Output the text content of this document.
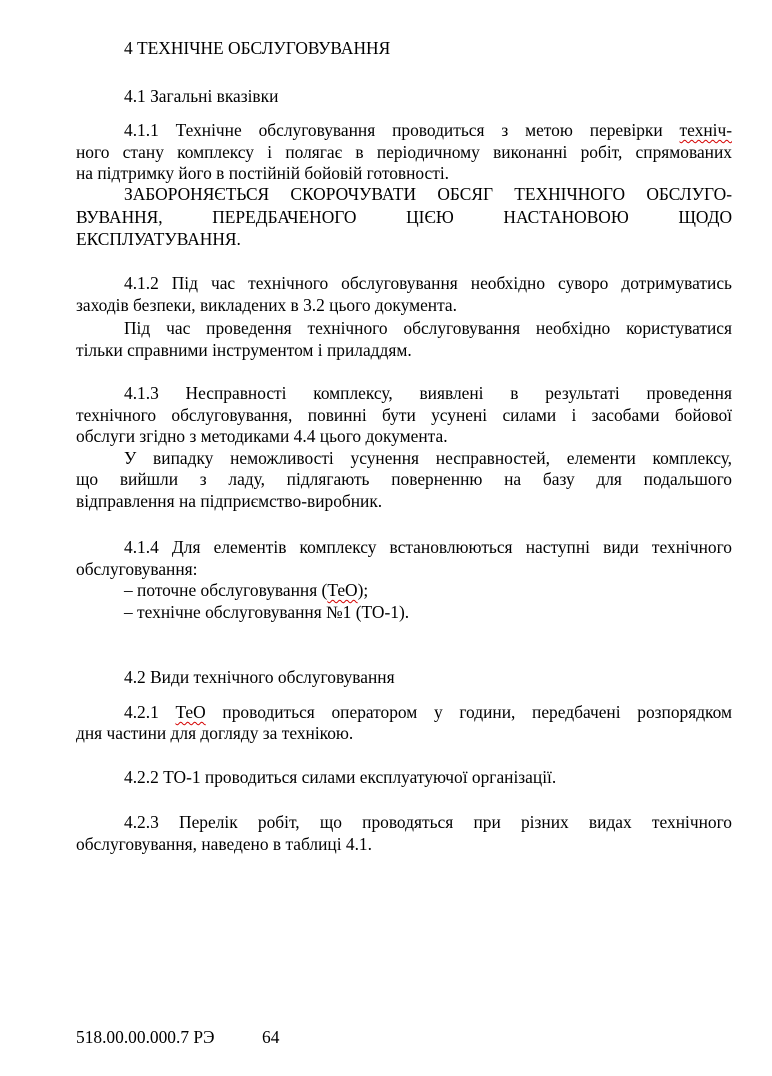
4 ТЕХНІЧНЕ ОБСЛУГОВУВАННЯ
4.1 Загальні вказівки
4.1.1 Технічне обслуговування проводиться з метою перевірки техніч-
ного стану комплексу і полягає в періодичному виконанні робіт, спрямованих
на підтримку його в постійній бойовій готовності.
ЗАБОРОНЯЄТЬСЯ СКОРОЧУВАТИ ОБСЯГ ТЕХНІЧНОГО ОБСЛУГО-
ВУВАННЯ, ПЕРЕДБАЧЕНОГО ЦІЄЮ НАСТАНОВОЮ ЩОДО
ЕКСПЛУАТУВАННЯ.
4.1.2 Під час технічного обслуговування необхідно суворо дотримуватись
заходів безпеки, викладених в 3.2 цього документа.
Під час проведення технічного обслуговування необхідно користуватися
тільки справними інструментом і приладдям.
4.1.3 Несправності комплексу, виявлені в результаті проведення
технічного обслуговування, повинні бути усунені силами і засобами бойової
обслуги згідно з методиками 4.4 цього документа.
У випадку неможливості усунення несправностей, елементи комплексу,
що вийшли з ладу, підлягають поверненню на базу для подальшого
відправлення на підприємство-виробник.
4.1.4 Для елементів комплексу встановлюються наступні види технічного
обслуговування:
– поточне обслуговування (ТеО);
– технічне обслуговування №1 (ТО-1).
4.2 Види технічного обслуговування
4.2.1 ТеО проводиться оператором у години, передбачені розпорядком
дня частини для догляду за технікою.
4.2.2 ТО-1 проводиться силами експлуатуючої організації.
4.2.3 Перелік робіт, що проводяться при різних видах технічного
обслуговування, наведено в таблиці 4.1.
518.00.00.000.7 РЭ	64
